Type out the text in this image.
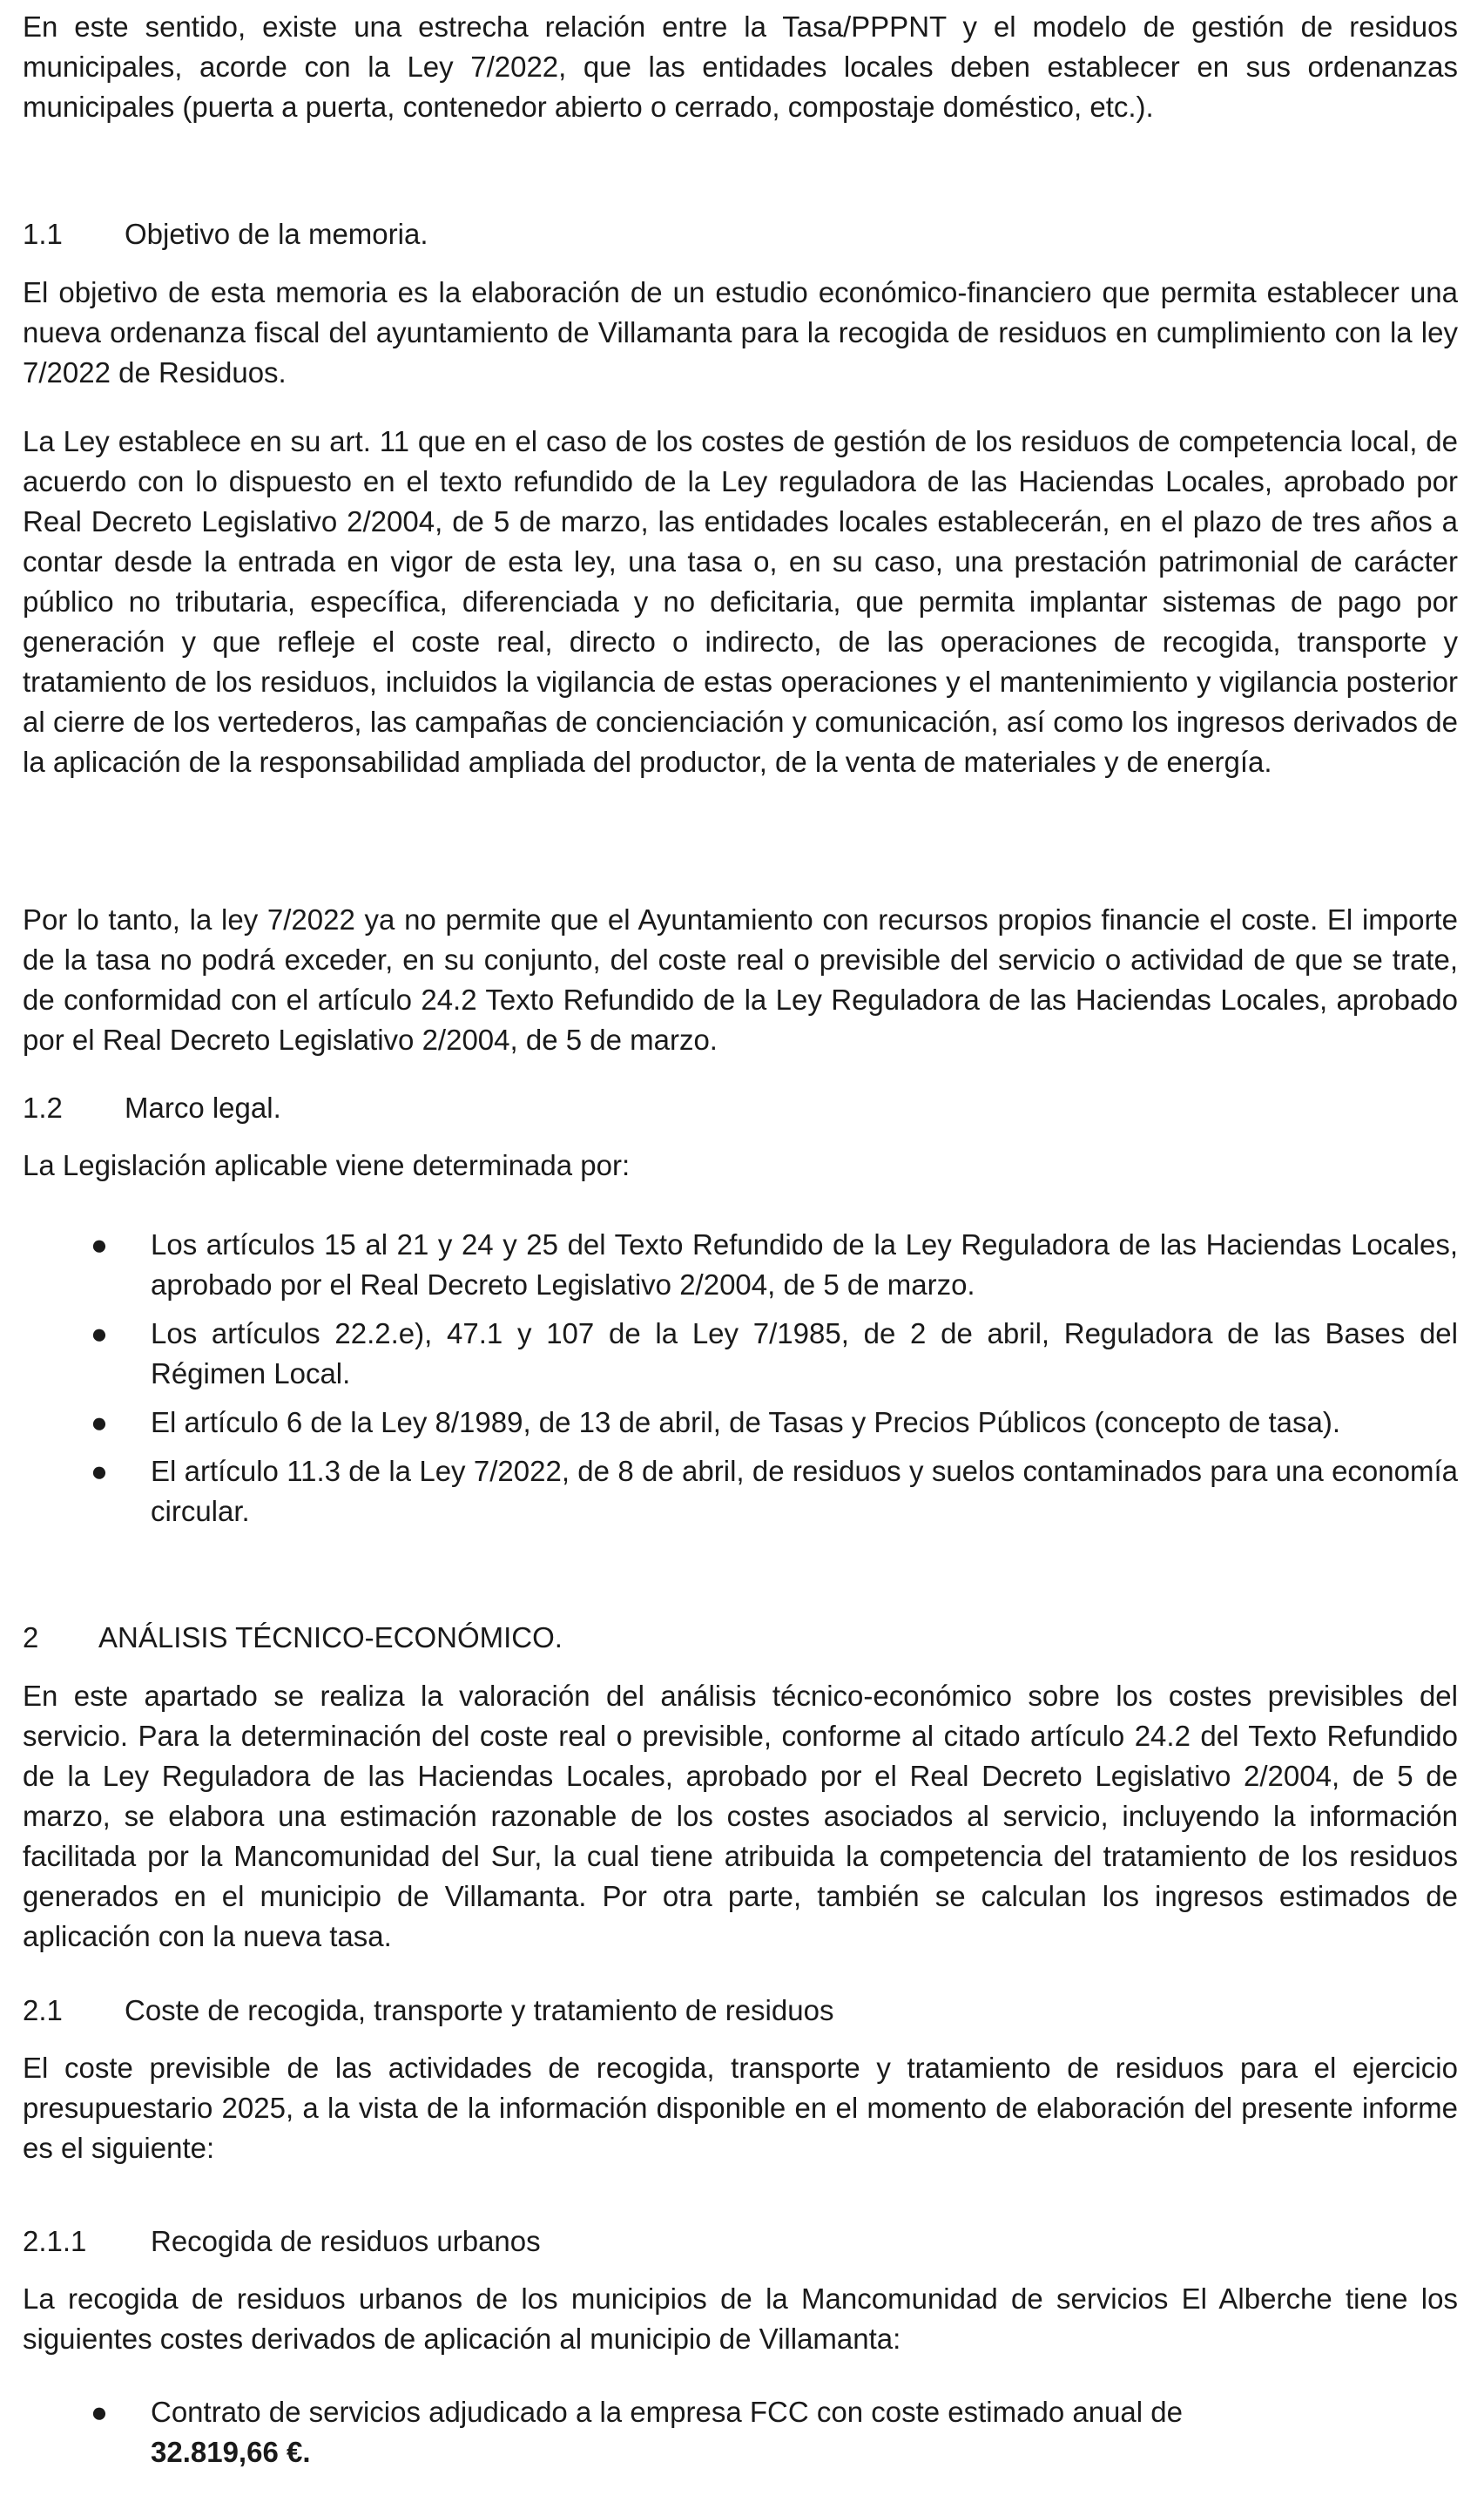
En este sentido, existe una estrecha relación entre la Tasa/PPPNT y el modelo de gestión de residuos municipales, acorde con la Ley 7/2022, que las entidades locales deben establecer en sus ordenanzas municipales (puerta a puerta, contenedor abierto o cerrado, compostaje doméstico, etc.).

1.1	Objetivo de la memoria.

El objetivo de esta memoria es la elaboración de un estudio económico-financiero que permita establecer una nueva ordenanza fiscal del ayuntamiento de Villamanta para la recogida de residuos en cumplimiento con la ley 7/2022 de Residuos.

La Ley establece en su art. 11 que en el caso de los costes de gestión de los residuos de competencia local, de acuerdo con lo dispuesto en el texto refundido de la Ley reguladora de las Haciendas Locales, aprobado por Real Decreto Legislativo 2/2004, de 5 de marzo, las entidades locales establecerán, en el plazo de tres años a contar desde la entrada en vigor de esta ley, una tasa o, en su caso, una prestación patrimonial de carácter público no tributaria, específica, diferenciada y no deficitaria, que permita implantar sistemas de pago por generación y que refleje el coste real, directo o indirecto, de las operaciones de recogida, transporte y tratamiento de los residuos, incluidos la vigilancia de estas operaciones y el mantenimiento y vigilancia posterior al cierre de los vertederos, las campañas de concienciación y comunicación, así como los ingresos derivados de la aplicación de la responsabilidad ampliada del productor, de la venta de materiales y de energía.

Por lo tanto, la ley 7/2022 ya no permite que el Ayuntamiento con recursos propios financie el coste. El importe de la tasa no podrá exceder, en su conjunto, del coste real o previsible del servicio o actividad de que se trate, de conformidad con el artículo 24.2 Texto Refundido de la Ley Reguladora de las Haciendas Locales, aprobado por el Real Decreto Legislativo 2/2004, de 5 de marzo.

1.2	Marco legal.

La Legislación aplicable viene determinada por:

● Los artículos 15 al 21 y 24 y 25 del Texto Refundido de la Ley Reguladora de las Haciendas Locales, aprobado por el Real Decreto Legislativo 2/2004, de 5 de marzo.
● Los artículos 22.2.e), 47.1 y 107 de la Ley 7/1985, de 2 de abril, Reguladora de las Bases del Régimen Local.
● El artículo 6 de la Ley 8/1989, de 13 de abril, de Tasas y Precios Públicos (concepto de tasa).
● El artículo 11.3 de la Ley 7/2022, de 8 de abril, de residuos y suelos contaminados para una economía circular.
2	ANÁLISIS TÉCNICO-ECONÓMICO.

En este apartado se realiza la valoración del análisis técnico-económico sobre los costes previsibles del servicio. Para la determinación del coste real o previsible, conforme al citado artículo 24.2 del Texto Refundido de la Ley Reguladora de las Haciendas Locales, aprobado por el Real Decreto Legislativo 2/2004, de 5 de marzo, se elabora una estimación razonable de los costes asociados al servicio, incluyendo la información facilitada por la Mancomunidad del Sur, la cual tiene atribuida la competencia del tratamiento de los residuos generados en el municipio de Villamanta. Por otra parte, también se calculan los ingresos estimados de aplicación con la nueva tasa.

2.1	Coste de recogida, transporte y tratamiento de residuos

El coste previsible de las actividades de recogida, transporte y tratamiento de residuos para el ejercicio presupuestario 2025, a la vista de la información disponible en el momento de elaboración del presente informe es el siguiente:

2.1.1	Recogida de residuos urbanos

La recogida de residuos urbanos de los municipios de la Mancomunidad de servicios El Alberche tiene los siguientes costes derivados de aplicación al municipio de Villamanta:

● Contrato de servicios adjudicado a la empresa FCC con coste estimado anual de
32.819,66 €.
